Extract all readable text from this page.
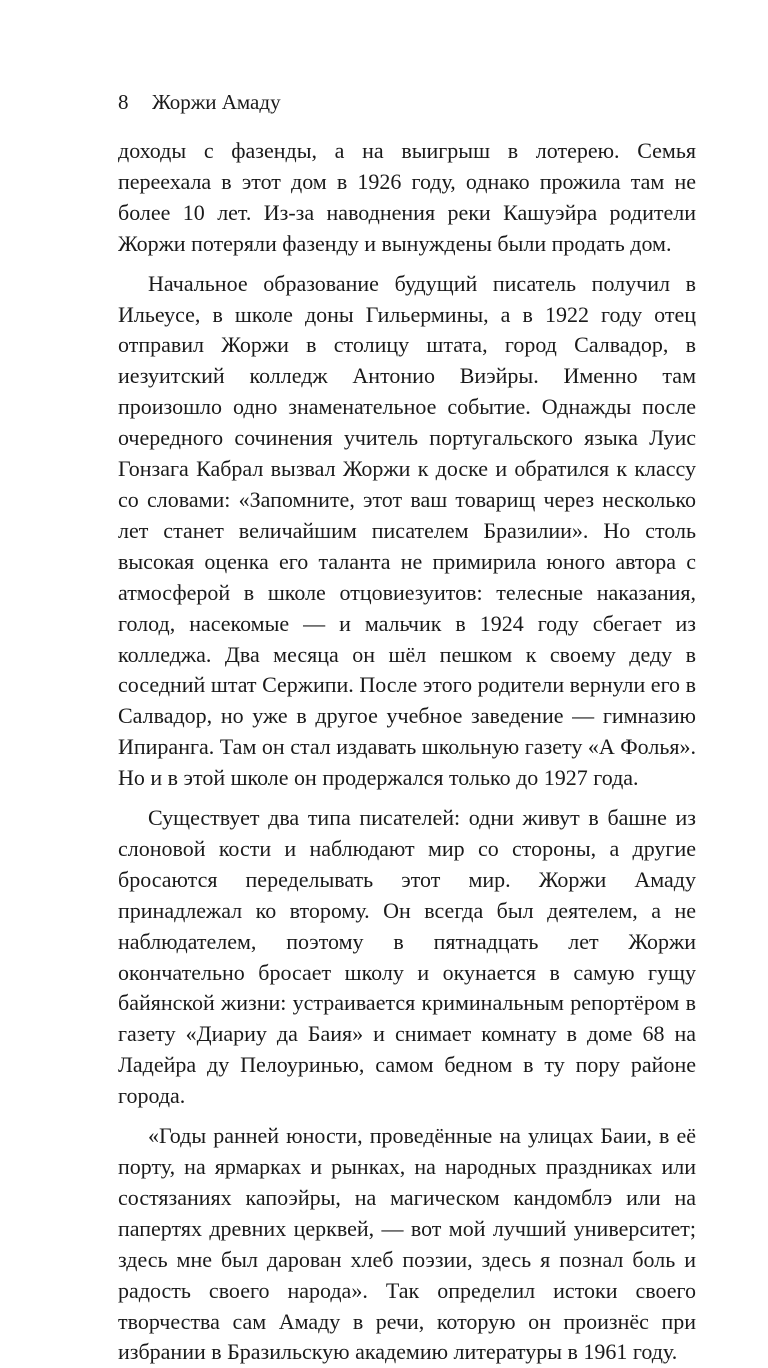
8 Жоржи Амаду

доходы с фазенды, а на выигрыш в лотерею. Семья переехала в этот дом в 1926 году, однако прожила там не более 10 лет. Из-за наводнения реки Кашуэйра родители Жоржи потеряли фазенду и вынуждены были продать дом.

Начальное образование будущий писатель получил в Ильеусе, в школе доны Гильермины, а в 1922 году отец отправил Жоржи в столицу штата, город Салвадор, в иезуитский колледж Антонио Виэйры. Именно там произошло одно знаменательное событие. Однажды после очередного сочинения учитель португальского языка Луис Гонзага Кабрал вызвал Жоржи к доске и обратился к классу со словами: «Запомните, этот ваш товарищ через несколько лет станет величайшим писателем Бразилии». Но столь высокая оценка его таланта не примирила юного автора с атмосферой в школе отцовиезуитов: телесные наказания, голод, насекомые — и мальчик в 1924 году сбегает из колледжа. Два месяца он шёл пешком к своему деду в соседний штат Сержипи. После этого родители вернули его в Салвадор, но уже в другое учебное заведение — гимназию Ипиранга. Там он стал издавать школьную газету «А Фолья». Но и в этой школе он продержался только до 1927 года.

Существует два типа писателей: одни живут в башне из слоновой кости и наблюдают мир со стороны, а другие бросаются переделывать этот мир. Жоржи Амаду принадлежал ко второму. Он всегда был деятелем, а не наблюдателем, поэтому в пятнадцать лет Жоржи окончательно бросает школу и окунается в самую гущу байянской жизни: устраивается криминальным репортёром в газету «Диариу да Баия» и снимает комнату в доме 68 на Ладейра ду Пелоуринью, самом бедном в ту пору районе города.

«Годы ранней юности, проведённые на улицах Баии, в её порту, на ярмарках и рынках, на народных праздниках или состязаниях капоэйры, на магическом кандомблэ или на папертях древних церквей, — вот мой лучший университет; здесь мне был дарован хлеб поэзии, здесь я познал боль и радость своего народа». Так определил истоки своего творчества сам Амаду в речи, которую он произнёс при избрании в Бразильскую академию литературы в 1961 году.
